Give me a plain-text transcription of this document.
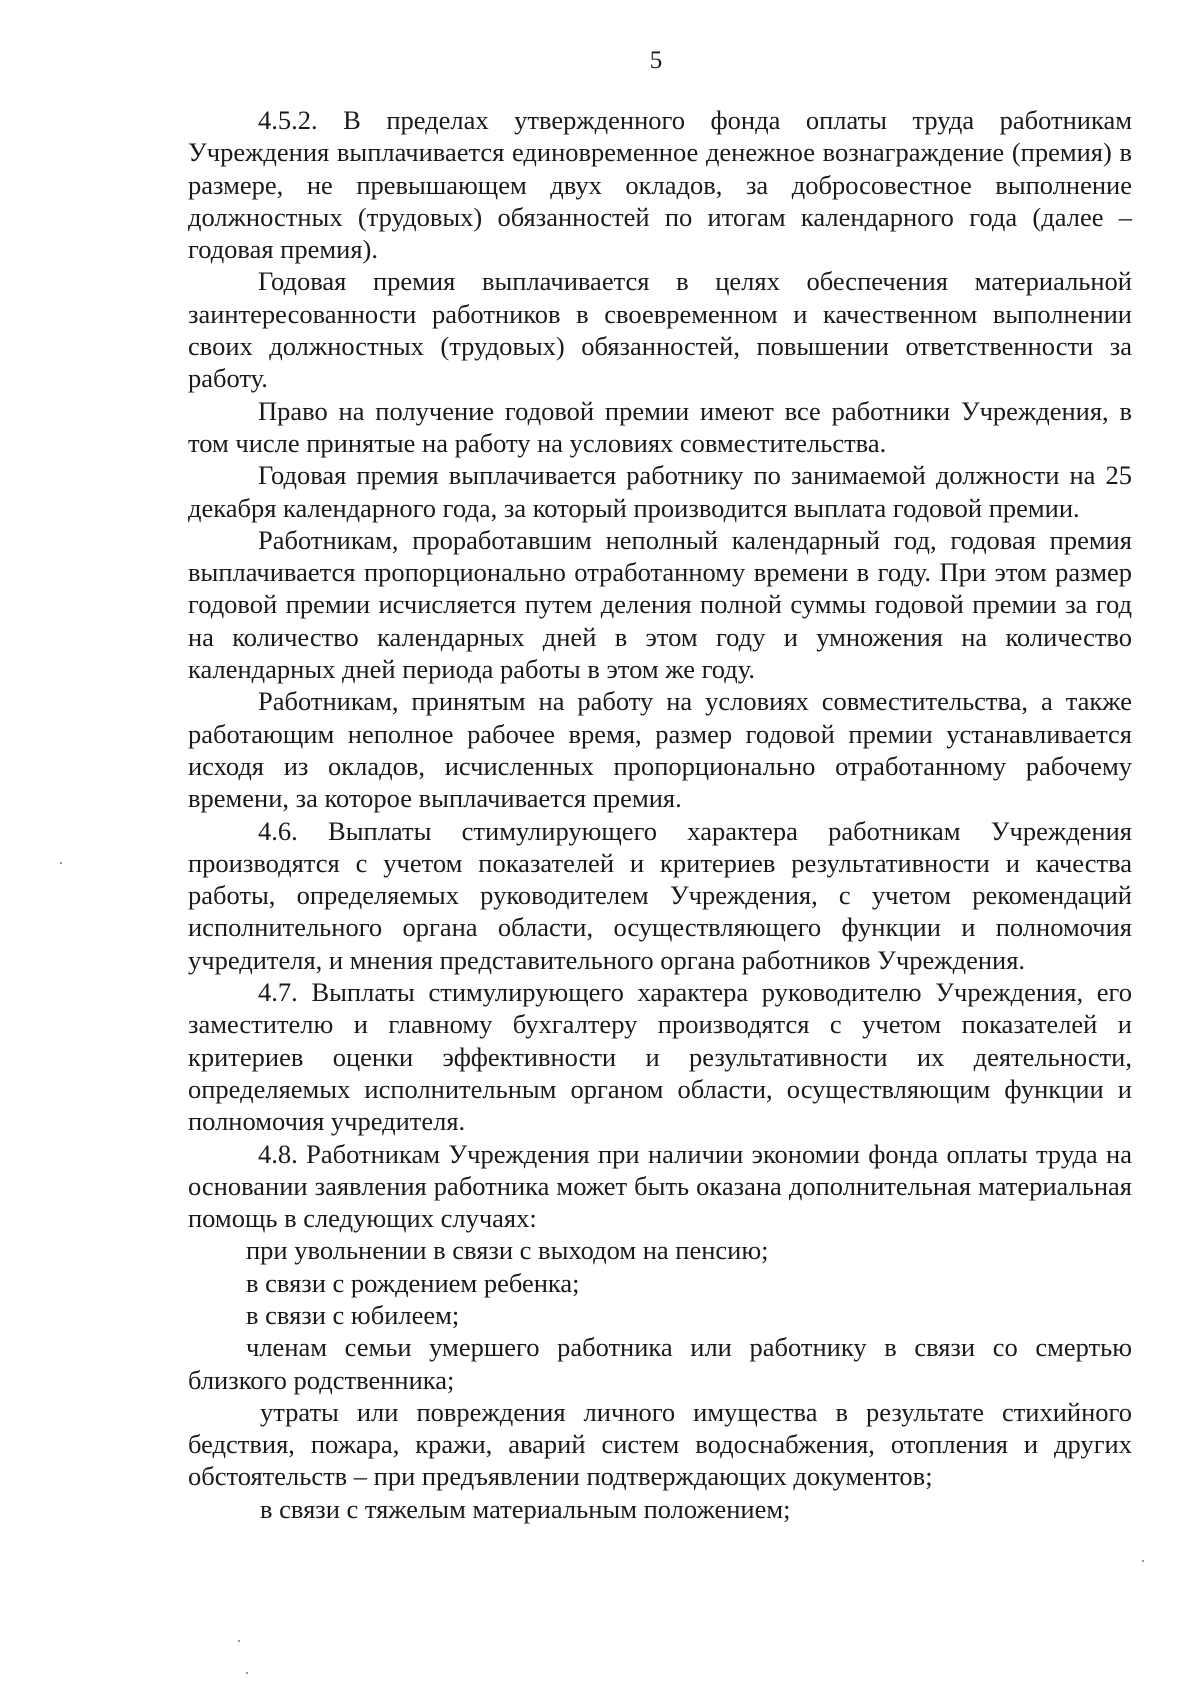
5

4.5.2. В пределах утвержденного фонда оплаты труда работникам Учреждения выплачивается единовременное денежное вознаграждение (премия) в размере, не превышающем двух окладов, за добросовестное выполнение должностных (трудовых) обязанностей по итогам календарного года (далее – годовая премия).

Годовая премия выплачивается в целях обеспечения материальной заинтересованности работников в своевременном и качественном выполнении своих должностных (трудовых) обязанностей, повышении ответственности за работу.

Право на получение годовой премии имеют все работники Учреждения, в том числе принятые на работу на условиях совместительства.

Годовая премия выплачивается работнику по занимаемой должности на 25 декабря календарного года, за который производится выплата годовой премии.

Работникам, проработавшим неполный календарный год, годовая премия выплачивается пропорционально отработанному времени в году. При этом размер годовой премии исчисляется путем деления полной суммы годовой премии за год на количество календарных дней в этом году и умножения на количество календарных дней периода работы в этом же году.

Работникам, принятым на работу на условиях совместительства, а также работающим неполное рабочее время, размер годовой премии устанавливается исходя из окладов, исчисленных пропорционально отработанному рабочему времени, за которое выплачивается премия.

4.6. Выплаты стимулирующего характера работникам Учреждения производятся с учетом показателей и критериев результативности и качества работы, определяемых руководителем Учреждения, с учетом рекомендаций исполнительного органа области, осуществляющего функции и полномочия учредителя, и мнения представительного органа работников Учреждения.

4.7. Выплаты стимулирующего характера руководителю Учреждения, его заместителю и главному бухгалтеру производятся с учетом показателей и критериев оценки эффективности и результативности их деятельности, определяемых исполнительным органом области, осуществляющим функции и полномочия учредителя.

4.8. Работникам Учреждения при наличии экономии фонда оплаты труда на основании заявления работника может быть оказана дополнительная материальная помощь в следующих случаях:

при увольнении в связи с выходом на пенсию;

в связи с рождением ребенка;

в связи с юбилеем;

членам семьи умершего работника или работнику в связи со смертью близкого родственника;

утраты или повреждения личного имущества в результате стихийного бедствия, пожара, кражи, аварий систем водоснабжения, отопления и других обстоятельств – при предъявлении подтверждающих документов;

в связи с тяжелым материальным положением;
